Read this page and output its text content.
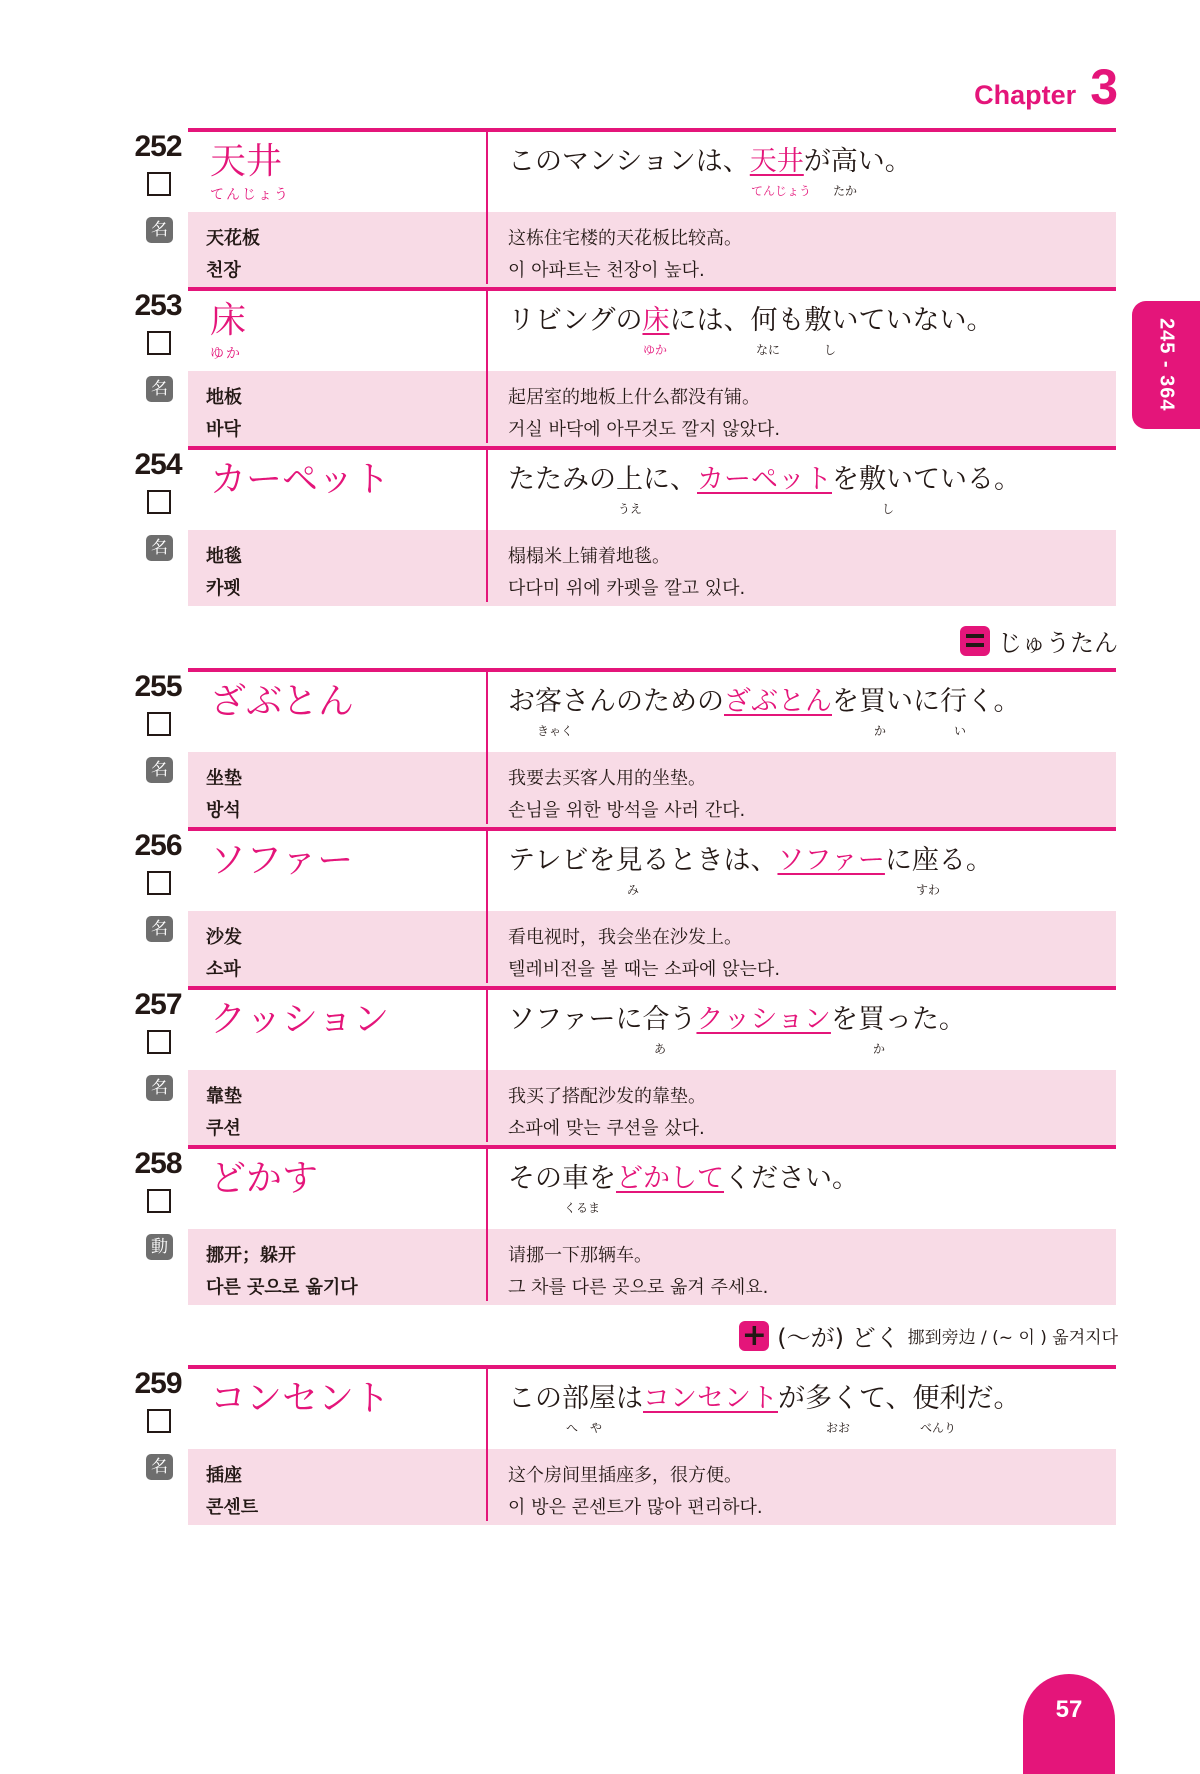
Chapter 3
245 - 364
252
名
天井
てんじょう
天花板
천장
このマンションは、天井が高い。
てんじょう たか
这栋住宅楼的天花板比较高。
이 아파트는 천장이 높다.
253
名
床
ゆか
地板
바닥
リビングの床には、何も敷いていない。
ゆか	なに	し
起居室的地板上什么都没有铺。
거실 바닥에 아무것도 깔지 않았다.
254
名
カーペット
地毯
카펫
たたみの上に、カーペットを敷いている。
うえ	し
榻榻米上铺着地毯。
다다미 위에 카펫을 깔고 있다.
じゅうたん
255
名
ざぶとん
坐垫
방석
お客さんのためのざぶとんを買いに行く。
きゃく	か	い
我要去买客人用的坐垫。
손님을 위한 방석을 사러 간다.
256
名
ソファー
沙发
소파
テレビを見るときは、ソファーに座る。
み	すわ
看电视时，我会坐在沙发上。
텔레비전을 볼 때는 소파에 앉는다.
257
名
クッション
靠垫
쿠션
ソファーに合うクッションを買った。
あ	か
我买了搭配沙发的靠垫。
소파에 맞는 쿠션을 샀다.
258
動
どかす
挪开；躲开
다른 곳으로 옮기다
その車をどかしてください。
くるま
请挪一下那辆车。
그 차를 다른 곳으로 옮겨 주세요.
+ (～が) どく 挪到旁边 / (~ 이 ) 옮겨지다
259
名
コンセント
插座
콘센트
この部屋はコンセントが多くて、便利だ。
へ　や	おお	べんり
这个房间里插座多，很方便。
이 방은 콘센트가 많아 편리하다.
57
